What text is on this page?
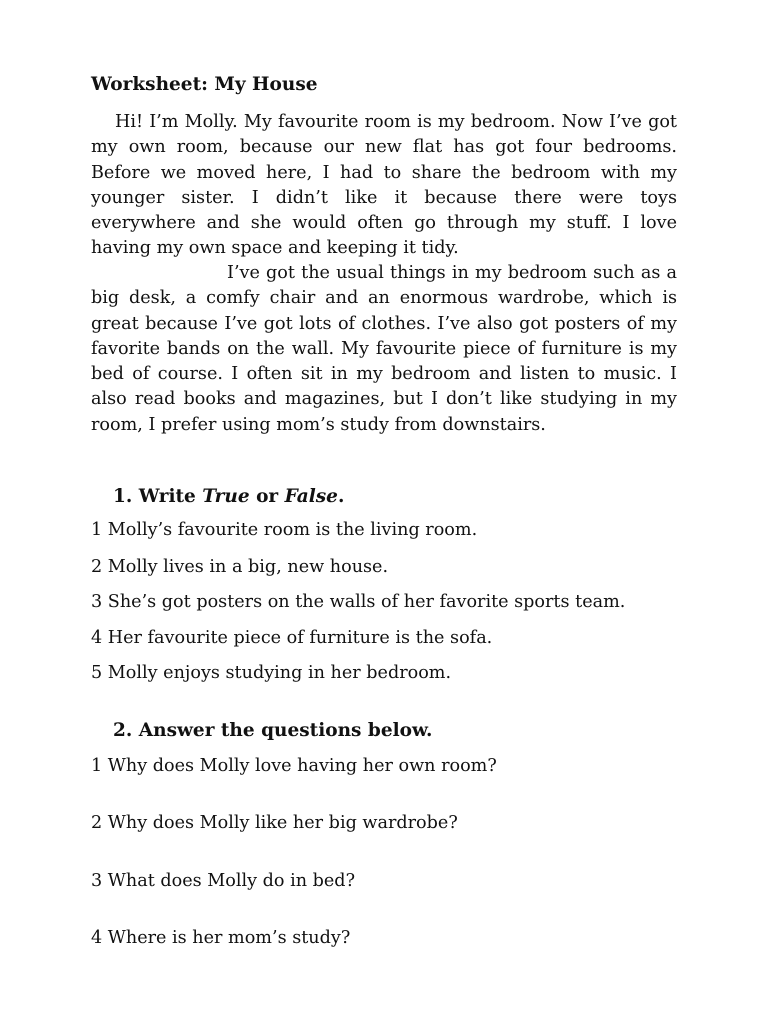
Worksheet: My House

Hi! I’m Molly. My favourite room is my bedroom. Now I’ve got my own room, because our new flat has got four bedrooms. Before we moved here, I had to share the bedroom with my younger sister. I didn’t like it because there were toys everywhere and she would often go through my stuff. I love having my own space and keeping it tidy.

I’ve got the usual things in my bedroom such as a big desk, a comfy chair and an enormous wardrobe, which is great because I’ve got lots of clothes. I’ve also got posters of my favorite bands on the wall. My favourite piece of furniture is my bed of course. I often sit in my bedroom and listen to music. I also read books and magazines, but I don’t like studying in my room, I prefer using mom’s study from downstairs.

1. Write True or False.
1 Molly’s favourite room is the living room.
2 Molly lives in a big, new house.
3 She’s got posters on the walls of her favorite sports team.
4 Her favourite piece of furniture is the sofa.
5 Molly enjoys studying in her bedroom.
2. Answer the questions below.
1 Why does Molly love having her own room?
2 Why does Molly like her big wardrobe?
3 What does Molly do in bed?
4 Where is her mom’s study?
